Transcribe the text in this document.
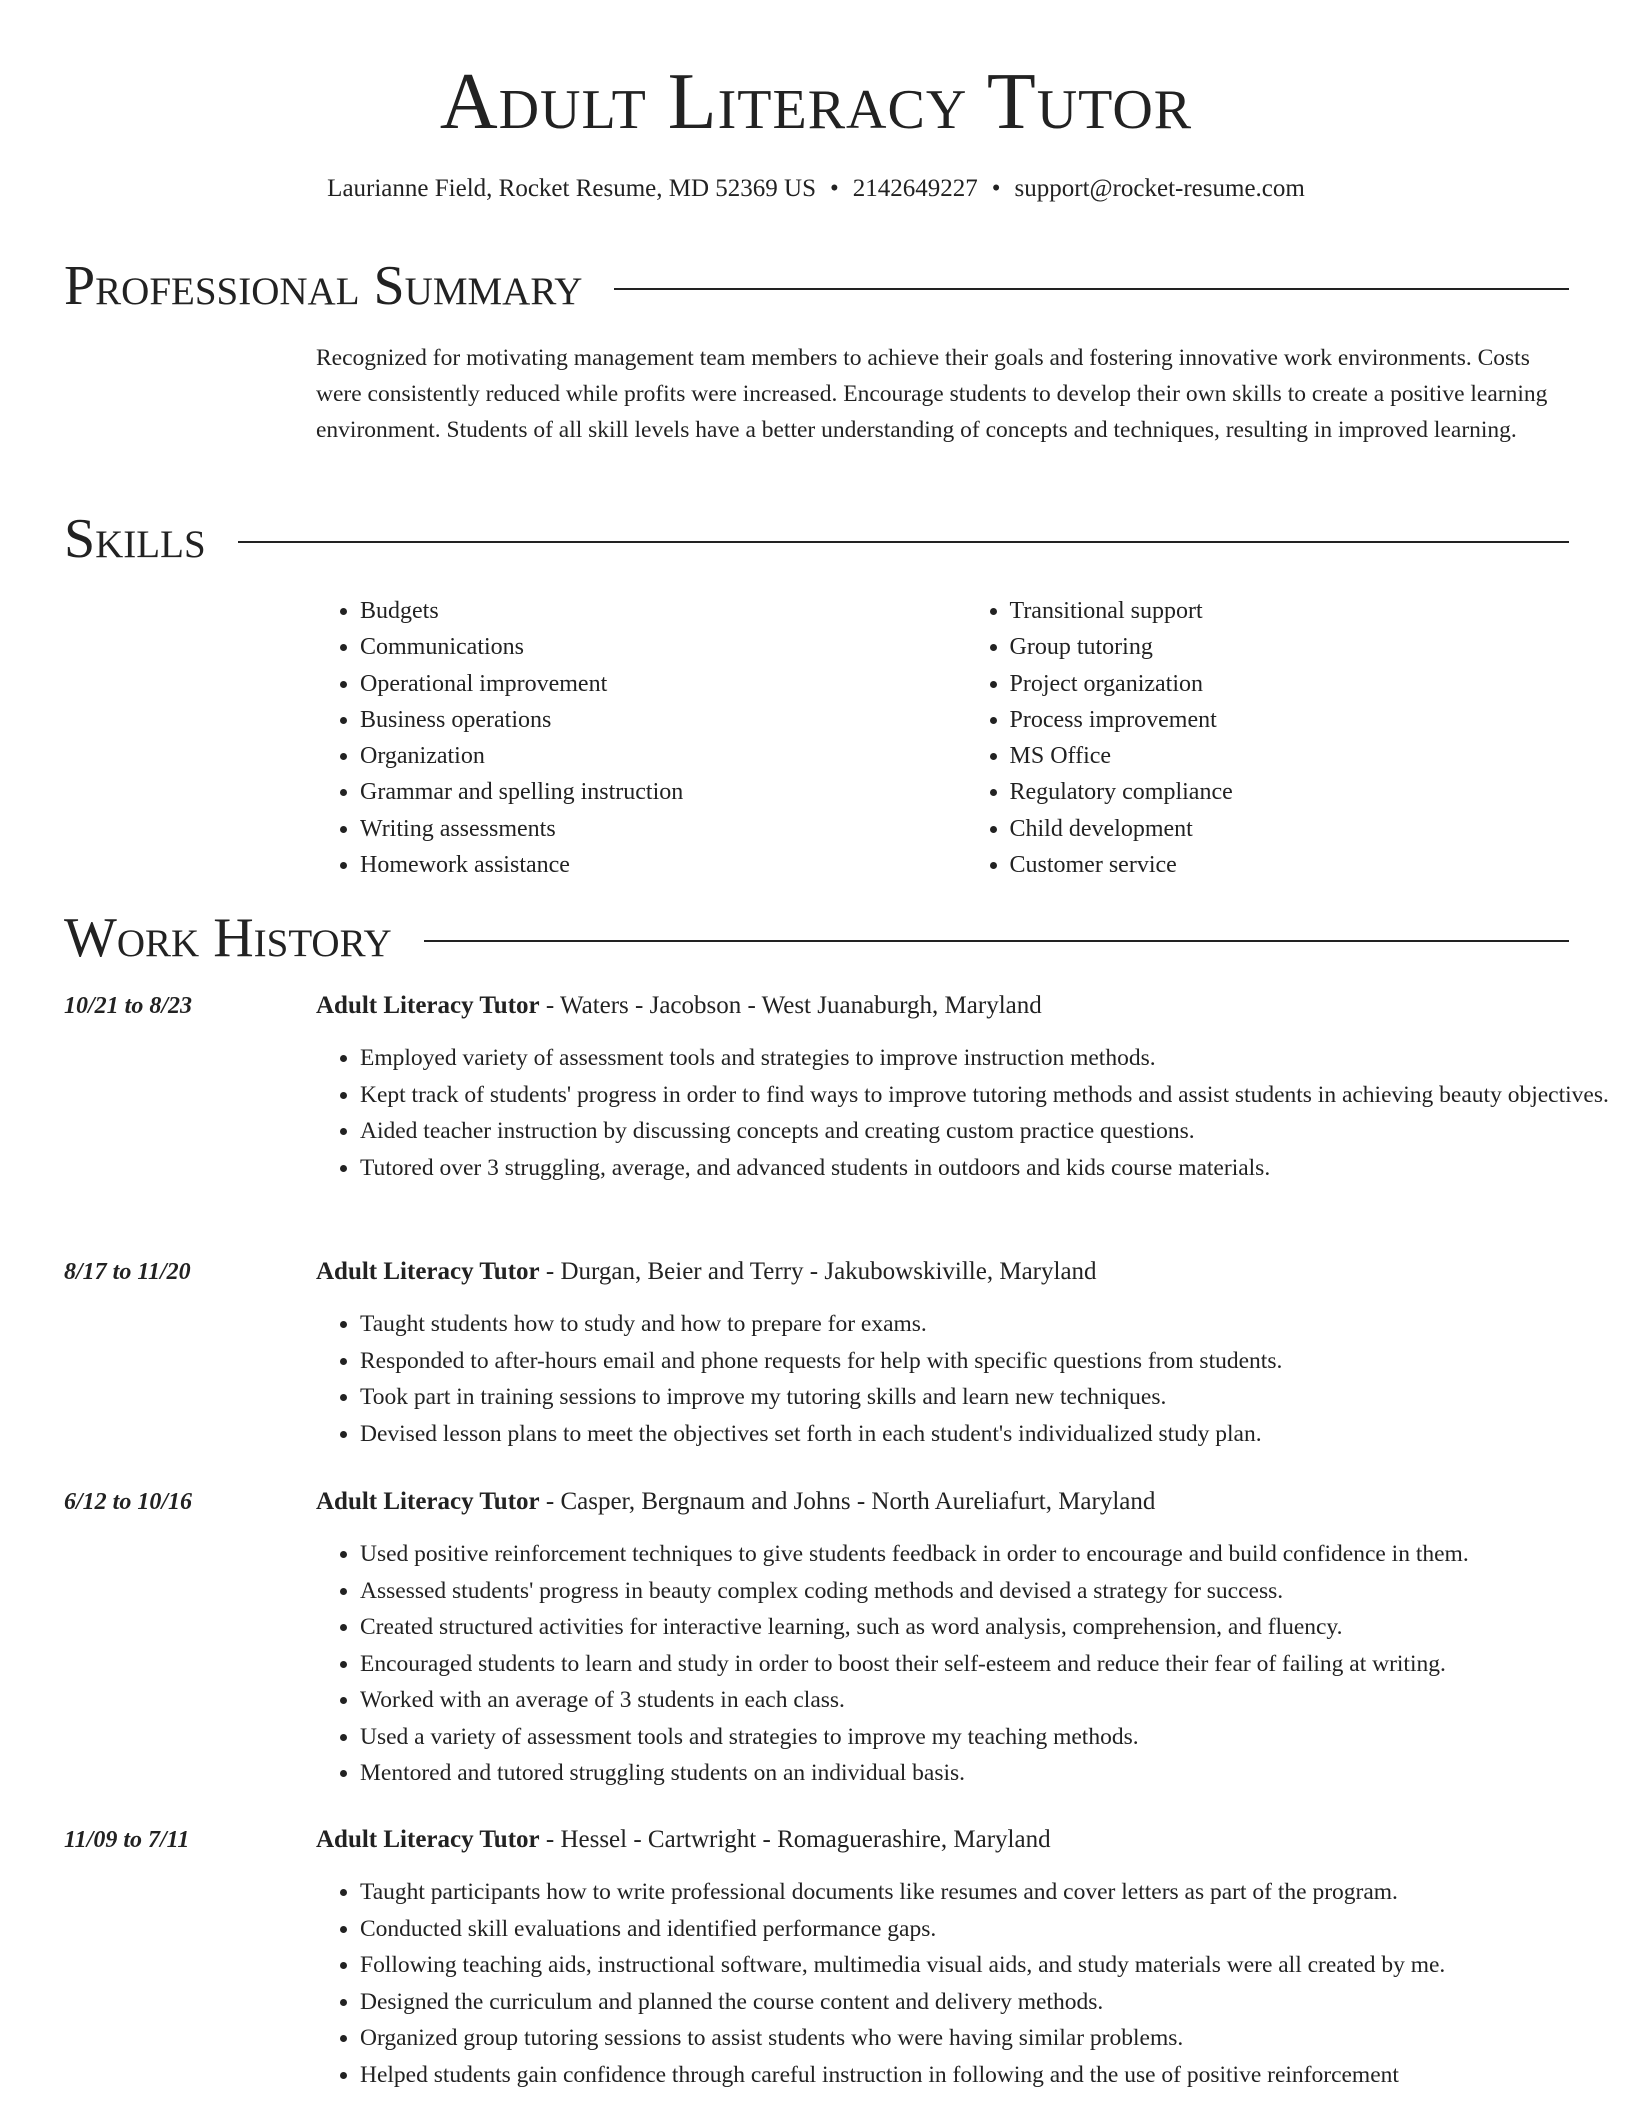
Adult Literacy Tutor
Laurianne Field, Rocket Resume, MD 52369 US • 2142649227 • support@rocket-resume.com
Professional Summary

Recognized for motivating management team members to achieve their goals and fostering innovative work environments. Costs were consistently reduced while profits were increased. Encourage students to develop their own skills to create a positive learning environment. Students of all skill levels have a better understanding of concepts and techniques, resulting in improved learning.

Skills
• Budgets
• Communications
• Operational improvement
• Business operations
• Organization
• Grammar and spelling instruction
• Writing assessments
• Homework assistance
• Transitional support
• Group tutoring
• Project organization
• Process improvement
• MS Office
• Regulatory compliance
• Child development
• Customer service
Work History
10/21 to 8/23	Adult Literacy Tutor - Waters - Jacobson - West Juanaburgh, Maryland
• Employed variety of assessment tools and strategies to improve instruction methods.
• Kept track of students' progress in order to find ways to improve tutoring methods and assist students in achieving beauty objectives.
• Aided teacher instruction by discussing concepts and creating custom practice questions.
• Tutored over 3 struggling, average, and advanced students in outdoors and kids course materials.
8/17 to 11/20	Adult Literacy Tutor - Durgan, Beier and Terry - Jakubowskiville, Maryland
• Taught students how to study and how to prepare for exams.
• Responded to after-hours email and phone requests for help with specific questions from students.
• Took part in training sessions to improve my tutoring skills and learn new techniques.
• Devised lesson plans to meet the objectives set forth in each student's individualized study plan.
6/12 to 10/16	Adult Literacy Tutor - Casper, Bergnaum and Johns - North Aureliafurt, Maryland
• Used positive reinforcement techniques to give students feedback in order to encourage and build confidence in them.
• Assessed students' progress in beauty complex coding methods and devised a strategy for success.
• Created structured activities for interactive learning, such as word analysis, comprehension, and fluency.
• Encouraged students to learn and study in order to boost their self-esteem and reduce their fear of failing at writing.
• Worked with an average of 3 students in each class.
• Used a variety of assessment tools and strategies to improve my teaching methods.
• Mentored and tutored struggling students on an individual basis.
11/09 to 7/11	Adult Literacy Tutor - Hessel - Cartwright - Romaguerashire, Maryland
• Taught participants how to write professional documents like resumes and cover letters as part of the program.
• Conducted skill evaluations and identified performance gaps.
• Following teaching aids, instructional software, multimedia visual aids, and study materials were all created by me.
• Designed the curriculum and planned the course content and delivery methods.
• Organized group tutoring sessions to assist students who were having similar problems.
• Helped students gain confidence through careful instruction in following and the use of positive reinforcement
